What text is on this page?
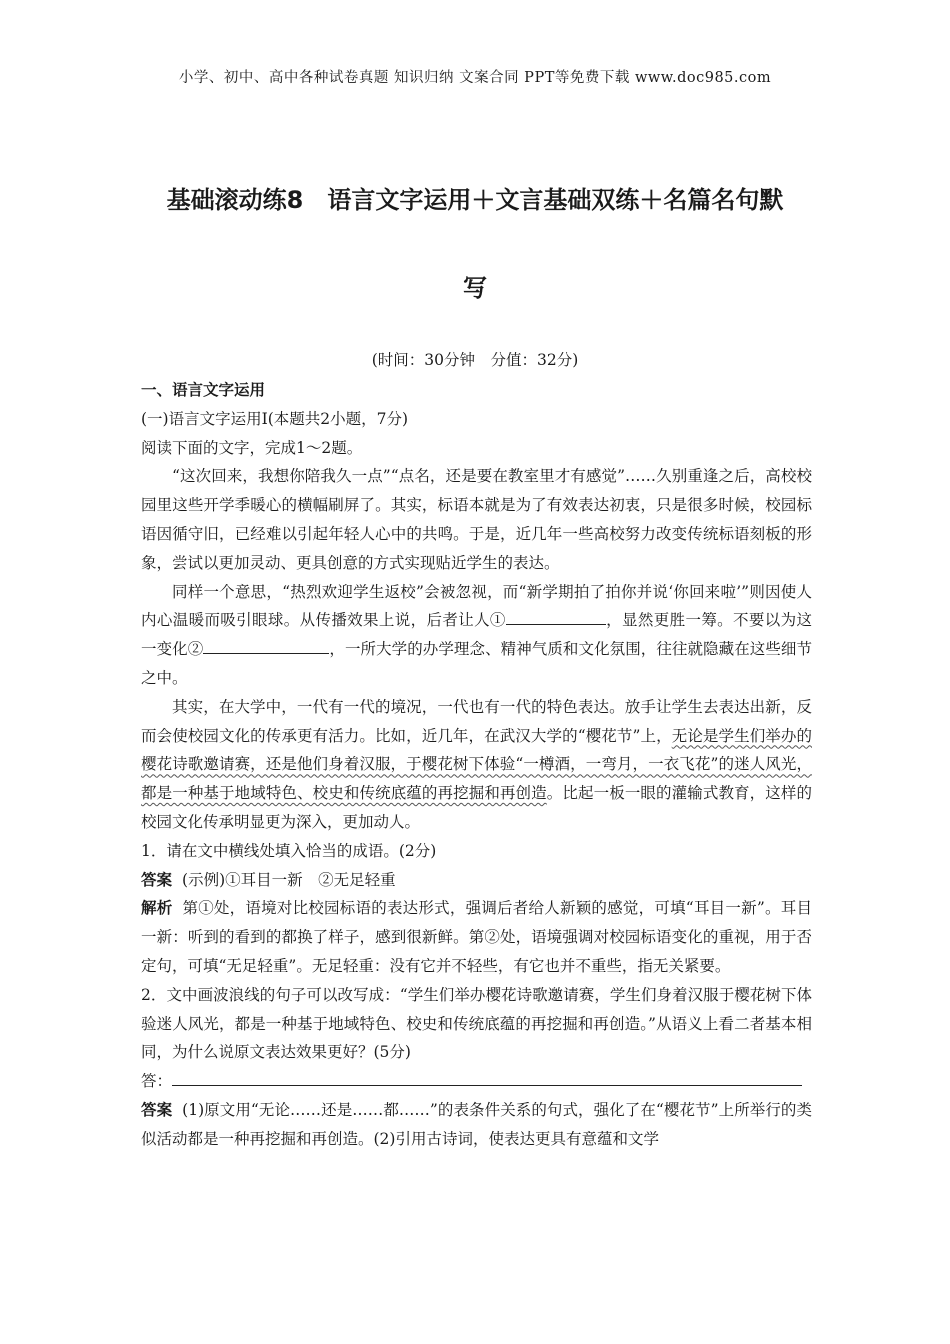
小学、初中、高中各种试卷真题 知识归纳 文案合同 PPT等免费下载 www.doc985.com
基础滚动练8　语言文字运用＋文言基础双练＋名篇名句默
写
(时间：30分钟　分值：32分)

一、语言文字运用

(一)语言文字运用Ⅰ(本题共2小题，7分)

阅读下面的文字，完成1～2题。

“这次回来，我想你陪我久一点”“点名，还是要在教室里才有感觉”……久别重逢之后，高校校园里这些开学季暖心的横幅刷屏了。其实，标语本就是为了有效表达初衷，只是很多时候，校园标语因循守旧，已经难以引起年轻人心中的共鸣。于是，近几年一些高校努力改变传统标语刻板的形象，尝试以更加灵动、更具创意的方式实现贴近学生的表达。

同样一个意思，“热烈欢迎学生返校”会被忽视，而“新学期拍了拍你并说‘你回来啦’”则因使人内心温暖而吸引眼球。从传播效果上说，后者让人①	，显然更胜一筹。不要以为这一变化②	，一所大学的办学理念、精神气质和文化氛围，往往就隐藏在这些细节之中。

其实，在大学中，一代有一代的境况，一代也有一代的特色表达。放手让学生去表达出新，反而会使校园文化的传承更有活力。比如，近几年，在武汉大学的“樱花节”上，无论是学生们举办的樱花诗歌邀请赛，还是他们身着汉服，于樱花树下体验“一樽酒，一弯月，一衣飞花”的迷人风光，都是一种基于地域特色、校史和传统底蕴的再挖掘和再创造。比起一板一眼的灌输式教育，这样的校园文化传承明显更为深入，更加动人。

1．请在文中横线处填入恰当的成语。(2分)

答案 (示例)①耳目一新　②无足轻重

解析 第①处，语境对比校园标语的表达形式，强调后者给人新颖的感觉，可填“耳目一新”。耳目一新：听到的看到的都换了样子，感到很新鲜。第②处，语境强调对校园标语变化的重视，用于否定句，可填“无足轻重”。无足轻重：没有它并不轻些，有它也并不重些，指无关紧要。

2．文中画波浪线的句子可以改写成：“学生们举办樱花诗歌邀请赛，学生们身着汉服于樱花树下体验迷人风光，都是一种基于地域特色、校史和传统底蕴的再挖掘和再创造。”从语义上看二者基本相同，为什么说原文表达效果更好？(5分)

答：

答案 (1)原文用“无论……还是……都……”的表条件关系的句式，强化了在“樱花节”上所举行的类似活动都是一种再挖掘和再创造。(2)引用古诗词，使表达更具有意蕴和文学
